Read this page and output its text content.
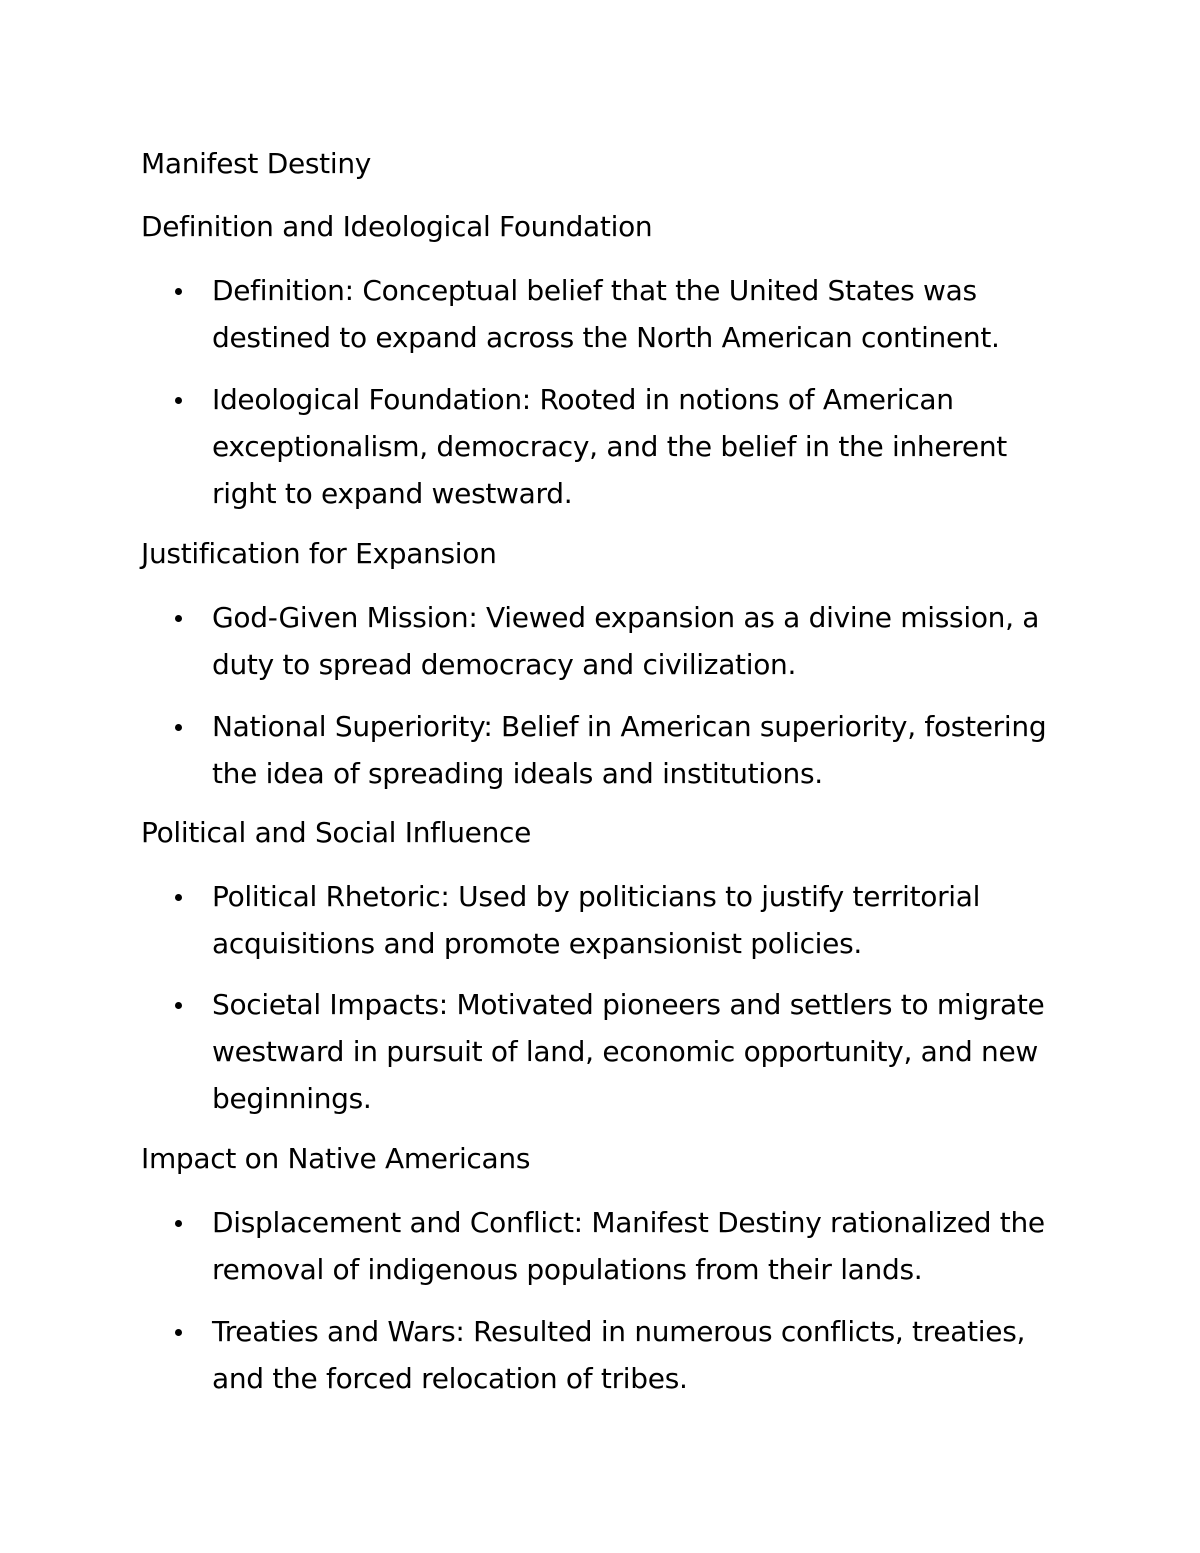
Manifest Destiny
Definition and Ideological Foundation
Definition: Conceptual belief that the United States was destined to expand across the North American continent.
Ideological Foundation: Rooted in notions of American exceptionalism, democracy, and the belief in the inherent right to expand westward.
Justification for Expansion
God-Given Mission: Viewed expansion as a divine mission, a duty to spread democracy and civilization.
National Superiority: Belief in American superiority, fostering the idea of spreading ideals and institutions.
Political and Social Influence
Political Rhetoric: Used by politicians to justify territorial acquisitions and promote expansionist policies.
Societal Impacts: Motivated pioneers and settlers to migrate westward in pursuit of land, economic opportunity, and new beginnings.
Impact on Native Americans
Displacement and Conflict: Manifest Destiny rationalized the removal of indigenous populations from their lands.
Treaties and Wars: Resulted in numerous conflicts, treaties, and the forced relocation of tribes.
